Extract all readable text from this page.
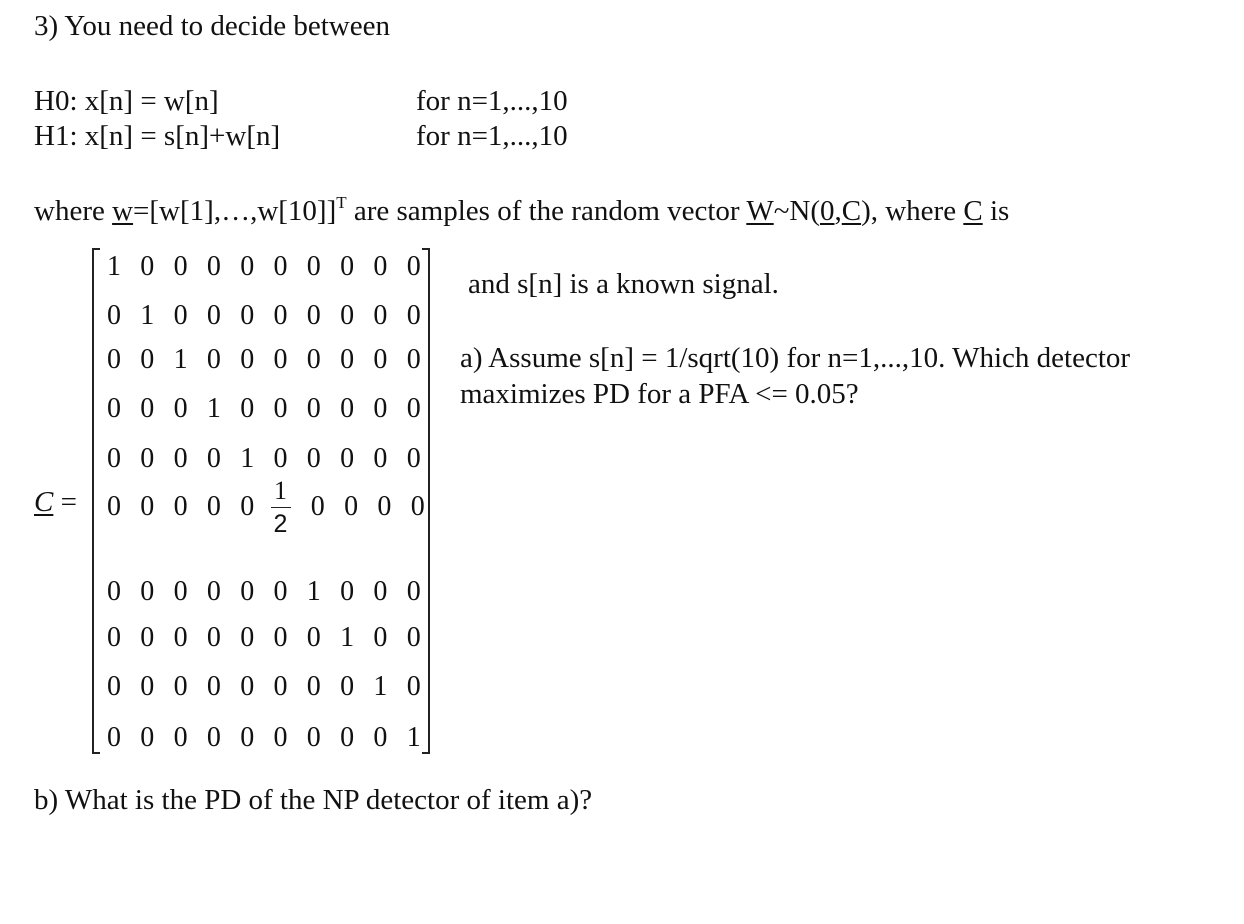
3) You need to decide between
H0: x[n] = w[n]	for n=1,...,10
H1: x[n] = s[n]+w[n]	for n=1,...,10
where w=[w[1],…,w[10]]$^T$ are samples of the random vector W~N(0,C), where C is
C =
1 0 0 0 0 0 0 0 0 0
0 1 0 0 0 0 0 0 0 0
0 0 1 0 0 0 0 0 0 0
0 0 0 1 0 0 0 0 0 0
0 0 0 0 1 0 0 0 0 0
0 0 0 0 0
1
2
0 0 0 0
0 0 0 0 0 0 1 0 0 0
0 0 0 0 0 0 0 1 0 0
0 0 0 0 0 0 0 0 1 0
0 0 0 0 0 0 0 0 0 1
and s[n] is a known signal.
a) Assume s[n] = 1/sqrt(10) for n=1,...,10. Which detector
maximizes PD for a PFA <= 0.05?
b) What is the PD of the NP detector of item a)?
